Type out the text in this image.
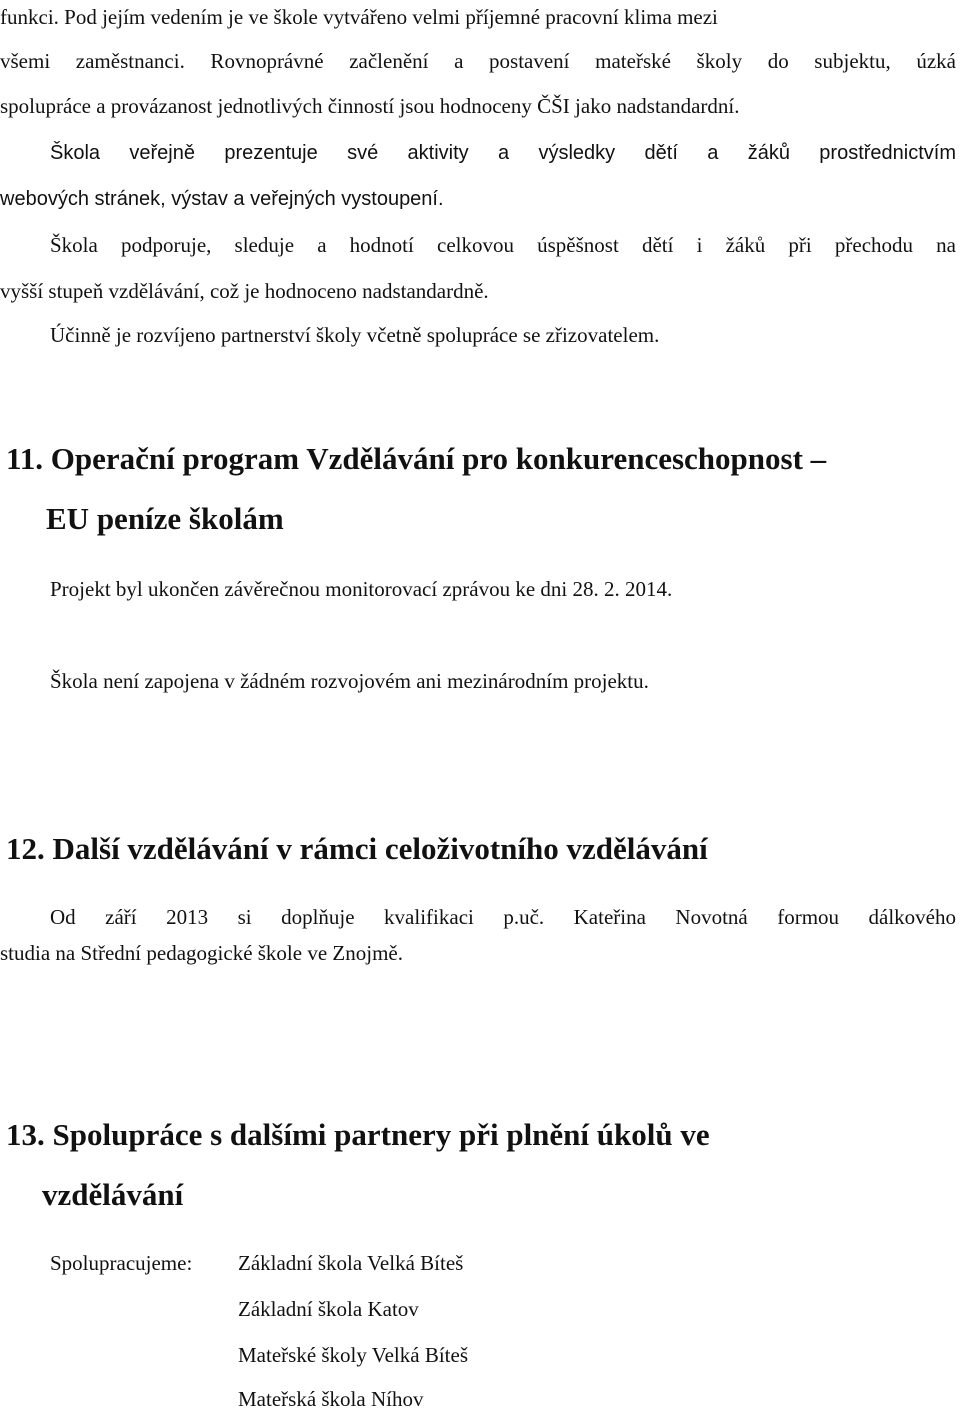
funkci. Pod jejím vedením je ve škole vytvářeno velmi příjemné pracovní klima mezi
všemi zaměstnanci. Rovnoprávné začlenění a postavení mateřské školy do subjektu, úzká
spolupráce a provázanost jednotlivých činností jsou hodnoceny ČŠI jako nadstandardní.
Škola veřejně prezentuje své aktivity a výsledky dětí a žáků prostřednictvím
webových stránek, výstav a veřejných vystoupení.
Škola podporuje, sleduje a hodnotí celkovou úspěšnost dětí i žáků při přechodu na
vyšší stupeň vzdělávání, což je hodnoceno nadstandardně.
Účinně je rozvíjeno partnerství školy včetně spolupráce se zřizovatelem.
11. Operační program Vzdělávání pro konkurenceschopnost –
EU peníze školám
Projekt byl ukončen závěrečnou monitorovací zprávou ke dni 28. 2. 2014.
Škola není zapojena v žádném rozvojovém ani mezinárodním projektu.
12. Další vzdělávání v rámci celoživotního vzdělávání
Od září 2013 si doplňuje kvalifikaci p.uč. Kateřina Novotná formou dálkového
studia na Střední pedagogické škole ve Znojmě.
13. Spolupráce s dalšími partnery při plnění úkolů ve
vzdělávání
Spolupracujeme: Základní škola Velká Bíteš
Základní škola Katov
Mateřské školy Velká Bíteš
Mateřská škola Níhov
